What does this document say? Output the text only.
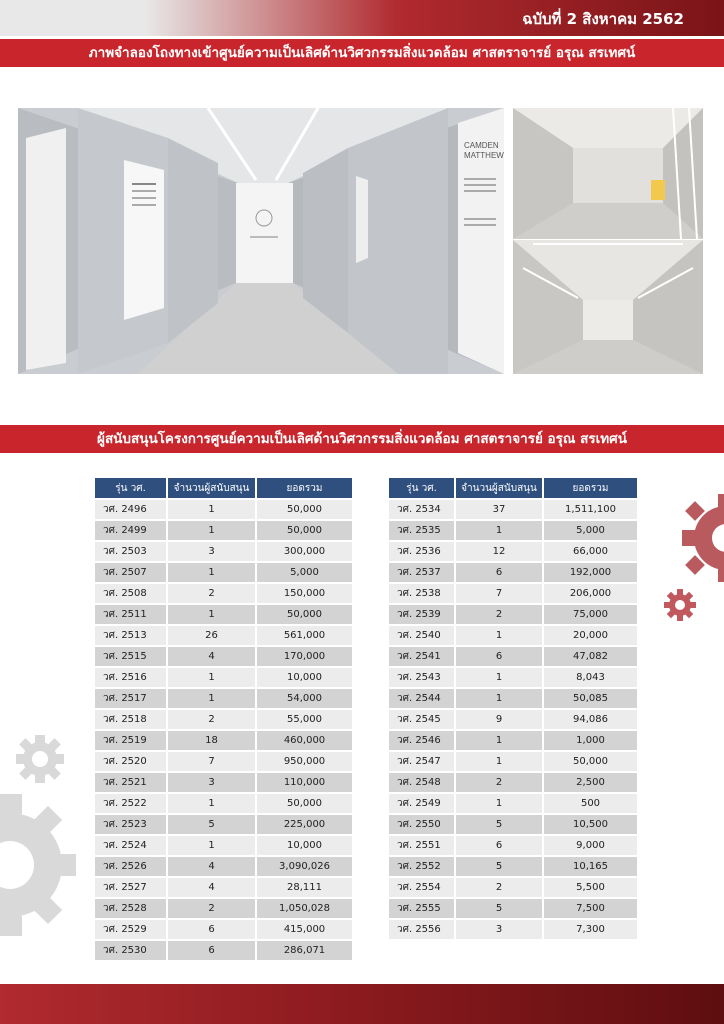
ฉบับที่ 2 สิงหาคม 2562
ภาพจำลองโถงทางเข้าศูนย์ความเป็นเลิศด้านวิศวกรรมสิ่งแวดล้อม ศาสตราจารย์ อรุณ สรเทศน์
CAMDEN
MATTHEW
ผู้สนับสนุนโครงการศูนย์ความเป็นเลิศด้านวิศวกรรมสิ่งแวดล้อม ศาสตราจารย์ อรุณ สรเทศน์
รุ่น วศ.	จำนวนผู้สนับสนุน	ยอดรวม
วศ. 2496	1	50,000
วศ. 2499	1	50,000
วศ. 2503	3	300,000
วศ. 2507	1	5,000
วศ. 2508	2	150,000
วศ. 2511	1	50,000
วศ. 2513	26	561,000
วศ. 2515	4	170,000
วศ. 2516	1	10,000
วศ. 2517	1	54,000
วศ. 2518	2	55,000
วศ. 2519	18	460,000
วศ. 2520	7	950,000
วศ. 2521	3	110,000
วศ. 2522	1	50,000
วศ. 2523	5	225,000
วศ. 2524	1	10,000
วศ. 2526	4	3,090,026
วศ. 2527	4	28,111
วศ. 2528	2	1,050,028
วศ. 2529	6	415,000
วศ. 2530	6	286,071
รุ่น วศ.	จำนวนผู้สนับสนุน	ยอดรวม
วศ. 2534	37	1,511,100
วศ. 2535	1	5,000
วศ. 2536	12	66,000
วศ. 2537	6	192,000
วศ. 2538	7	206,000
วศ. 2539	2	75,000
วศ. 2540	1	20,000
วศ. 2541	6	47,082
วศ. 2543	1	8,043
วศ. 2544	1	50,085
วศ. 2545	9	94,086
วศ. 2546	1	1,000
วศ. 2547	1	50,000
วศ. 2548	2	2,500
วศ. 2549	1	500
วศ. 2550	5	10,500
วศ. 2551	6	9,000
วศ. 2552	5	10,165
วศ. 2554	2	5,500
วศ. 2555	5	7,500
วศ. 2556	3	7,300
